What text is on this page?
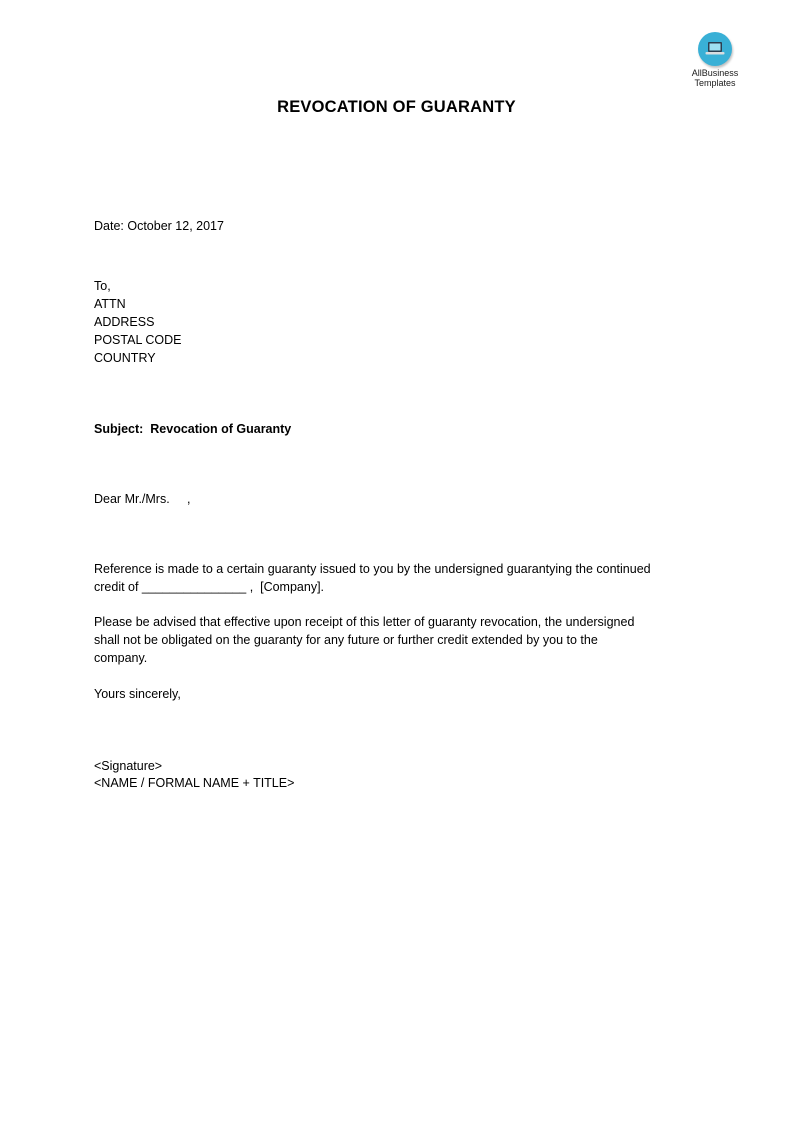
AllBusiness
Templates
REVOCATION OF GUARANTY
Date: October 12, 2017
To,
ATTN
ADDRESS
POSTAL CODE
COUNTRY
Subject: Revocation of Guaranty
Dear Mr./Mrs.     ,
Reference is made to a certain guaranty issued to you by the undersigned guarantying the continued
credit of _______________ ,  [Company].
Please be advised that effective upon receipt of this letter of guaranty revocation, the undersigned
shall not be obligated on the guaranty for any future or further credit extended by you to the
company.
Yours sincerely,
<Signature>
<NAME / FORMAL NAME + TITLE>
